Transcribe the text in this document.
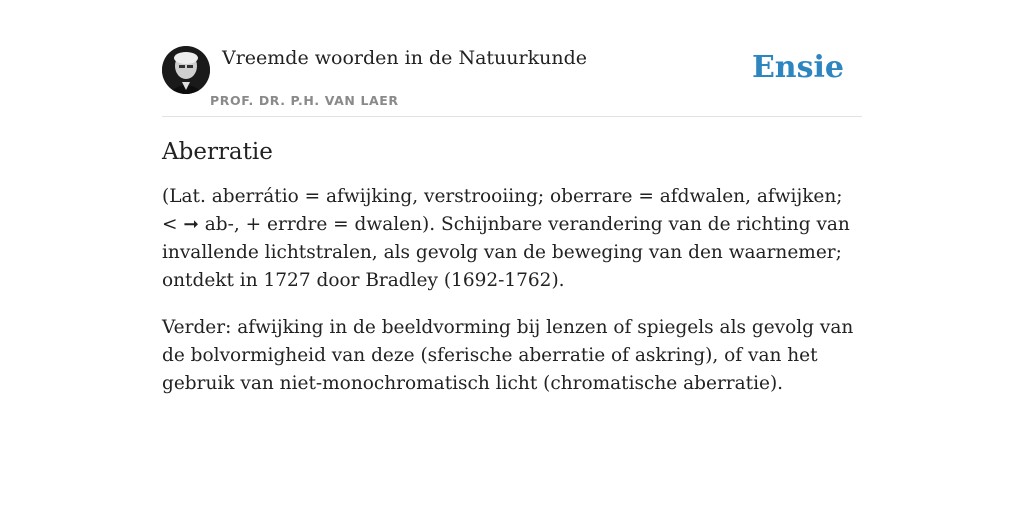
Vreemde woorden in de Natuurkunde
PROF. DR. P.H. VAN LAER
Ensie
Aberratie

(Lat. aberrátio = afwijking, verstrooiing; oberrare = afdwalen, afwijken; < ➞ ab-, + errdre = dwalen). Schijnbare verandering van de richting van invallende lichtstralen, als gevolg van de beweging van den waarnemer; ontdekt in 1727 door Bradley (1692-1762).

Verder: afwijking in de beeldvorming bij lenzen of spiegels als gevolg van de bolvormigheid van deze (sferische aberratie of askring), of van het gebruik van niet-monochromatisch licht (chromatische aberratie).
